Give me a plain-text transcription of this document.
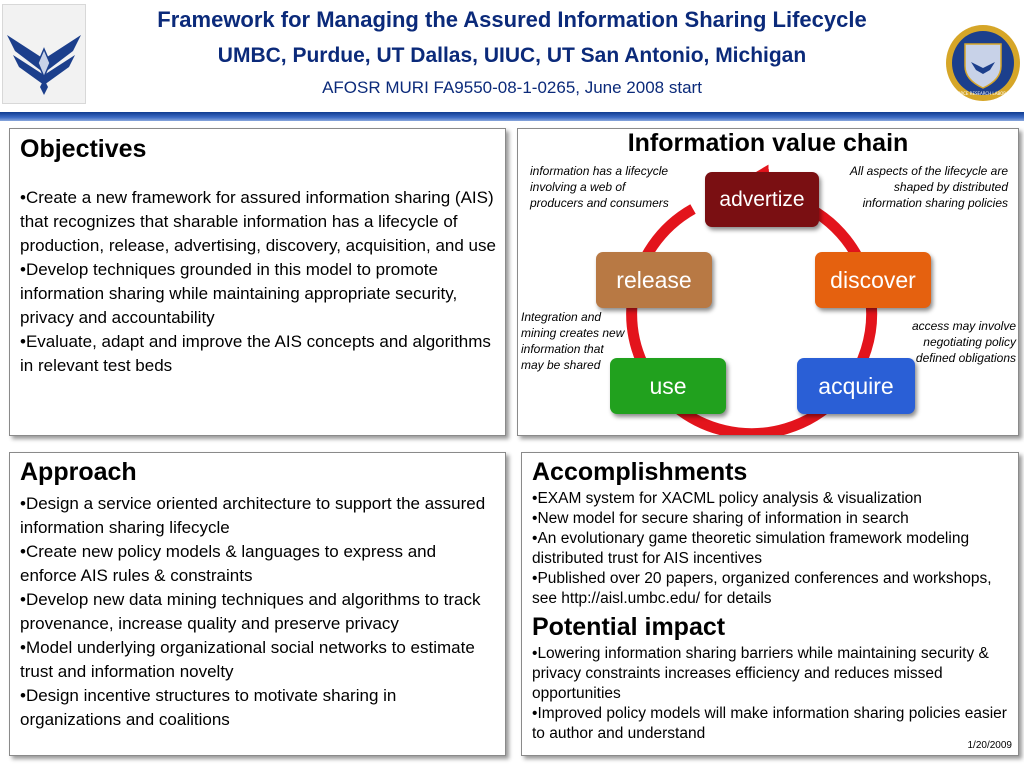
Framework for Managing the Assured Information Sharing Lifecycle
UMBC, Purdue, UT Dallas, UIUC, UT San Antonio, Michigan
AFOSR MURI FA9550-08-1-0265, June 2008 start	AIR FORCE RESEARCH LABORATORY
Objectives
• Create a new framework for assured information sharing (AIS) that recognizes that sharable information has a lifecycle of production, release, advertising, discovery, acquisition, and use
• Develop techniques grounded in this model to promote information sharing while maintaining appropriate security, privacy and accountability
• Evaluate, adapt and improve the AIS concepts and algorithms in relevant test beds
Information value chain
advertize
discover
acquire
use
release
information has a lifecycle involving a web of producers and consumers
All aspects of the lifecycle are shaped by distributed information sharing policies
Integration and mining creates new information that may be shared
access may involve negotiating policy defined obligations
Approach
• Design a service oriented architecture to support the assured information sharing lifecycle
• Create new policy models & languages to express and enforce AIS rules & constraints
• Develop new data mining techniques and algorithms to track provenance, increase quality and preserve privacy
• Model underlying organizational social networks to estimate trust and information novelty
• Design incentive structures to motivate sharing in organizations and coalitions
Accomplishments
• EXAM system for XACML policy analysis & visualization
• New model for secure sharing of information in search
• An evolutionary game theoretic simulation framework modeling distributed trust for AIS incentives
• Published over 20 papers, organized conferences and workshops, see http://aisl.umbc.edu/ for details
Potential impact
• Lowering information sharing barriers while maintaining security & privacy constraints increases efficiency and reduces missed opportunities
• Improved policy models will make information sharing policies easier to author and understand
1/20/2009
